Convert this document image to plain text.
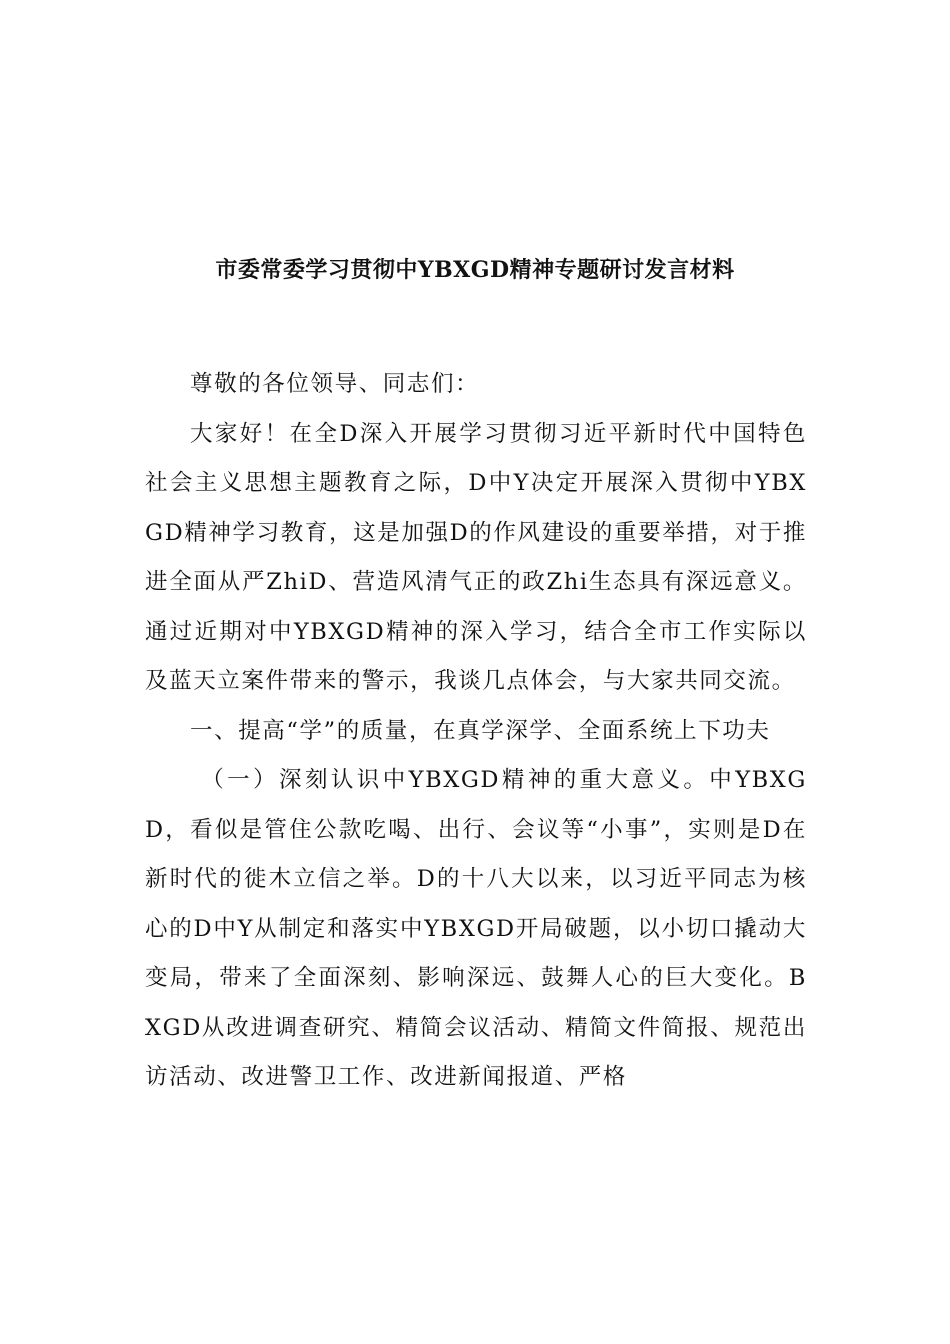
市委常委学习贯彻中YBXGD精神专题研讨发言材料

尊敬的各位领导、同志们：

大家好！在全D深入开展学习贯彻习近平新时代中国特色社会主义思想主题教育之际，D中Y决定开展深入贯彻中YBXGD精神学习教育，这是加强D的作风建设的重要举措，对于推进全面从严ZhiD、营造风清气正的政Zhi生态具有深远意义。通过近期对中YBXGD精神的深入学习，结合全市工作实际以及蓝天立案件带来的警示，我谈几点体会，与大家共同交流。

一、提高“学”的质量，在真学深学、全面系统上下功夫

（一）深刻认识中YBXGD精神的重大意义。中YBXGD，看似是管住公款吃喝、出行、会议等“小事”，实则是D在新时代的徙木立信之举。D的十八大以来，以习近平同志为核心的D中Y从制定和落实中YBXGD开局破题，以小切口撬动大变局，带来了全面深刻、影响深远、鼓舞人心的巨大变化。BXGD从改进调查研究、精简会议活动、精简文件简报、规范出访活动、改进警卫工作、改进新闻报道、严格
